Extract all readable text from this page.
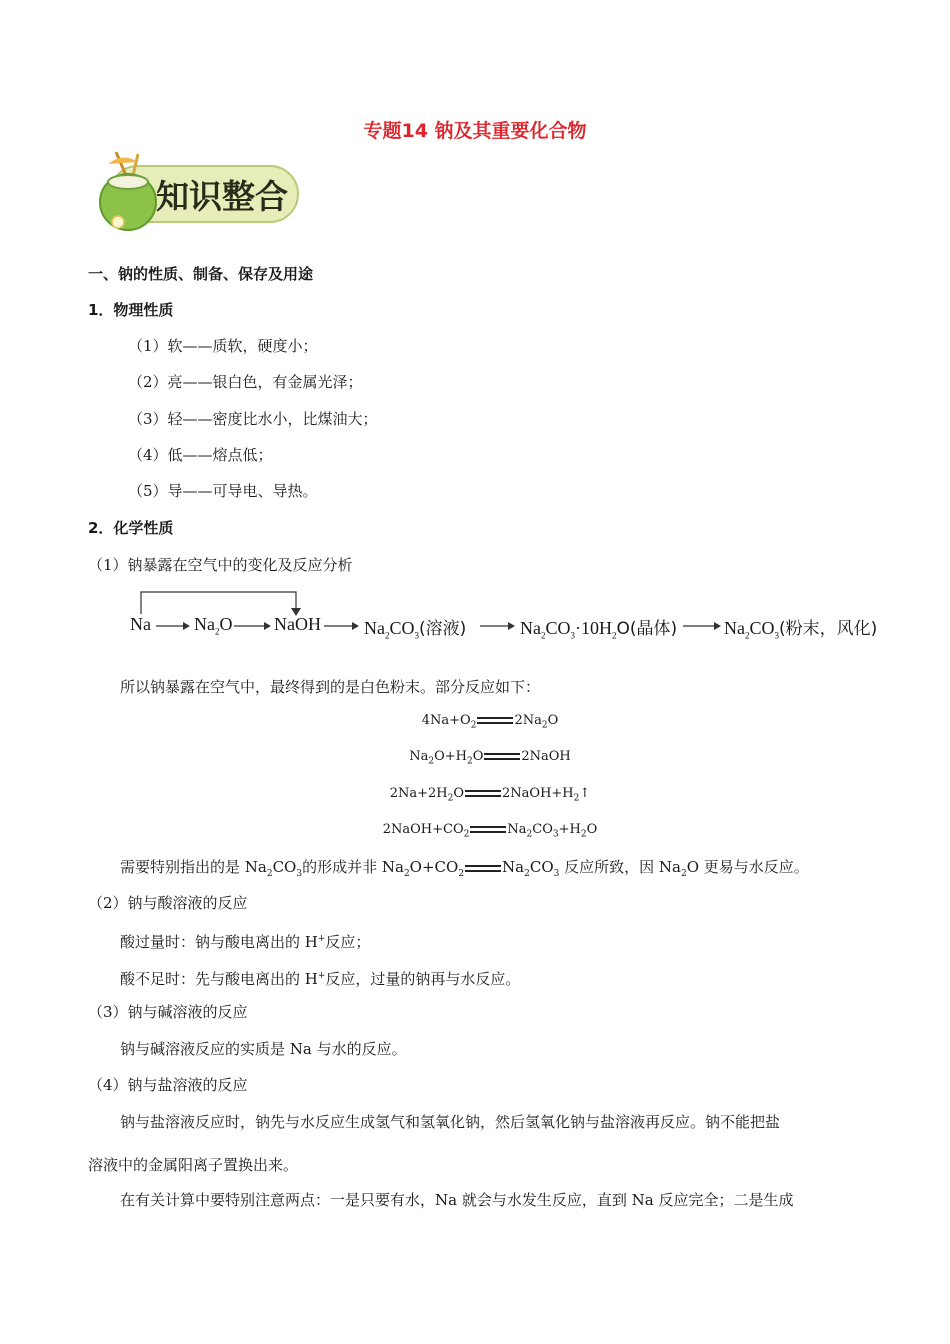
专题14 钠及其重要化合物
知识整合
一、钠的性质、制备、保存及用途
1．物理性质
（1）软——质软，硬度小；
（2）亮——银白色，有金属光泽；
（3）轻——密度比水小，比煤油大；
（4）低——熔点低；
（5）导——可导电、导热。
2．化学性质
（1）钠暴露在空气中的变化及反应分析
Na $Na_2O$ NaOH $Na_2CO_3$(溶液)	$Na_2CO_3\cdot 10H_2O$(晶体)	$Na_2CO_3$(粉末，风化)
所以钠暴露在空气中，最终得到的是白色粉末。部分反应如下：
$4Na+O_2$	$2Na_2O$
$Na_2O+H_2O$	2NaOH
$2Na+2H_2O$	$2NaOH+H_2↑$
$2NaOH+CO_2$	$Na_2CO_3+H_2O$
需要特别指出的是 $Na_2CO_3$的形成并非 $Na_2O+CO_2$	$Na_2CO_3$ 反应所致，因 $Na_2O$ 更易与水反应。
（2）钠与酸溶液的反应
酸过量时：钠与酸电离出的 H+反应；
酸不足时：先与酸电离出的 H+反应，过量的钠再与水反应。
（3）钠与碱溶液的反应
钠与碱溶液反应的实质是 Na 与水的反应。
（4）钠与盐溶液的反应
钠与盐溶液反应时，钠先与水反应生成氢气和氢氧化钠，然后氢氧化钠与盐溶液再反应。钠不能把盐
溶液中的金属阳离子置换出来。
在有关计算中要特别注意两点：一是只要有水，Na 就会与水发生反应，直到 Na 反应完全；二是生成
